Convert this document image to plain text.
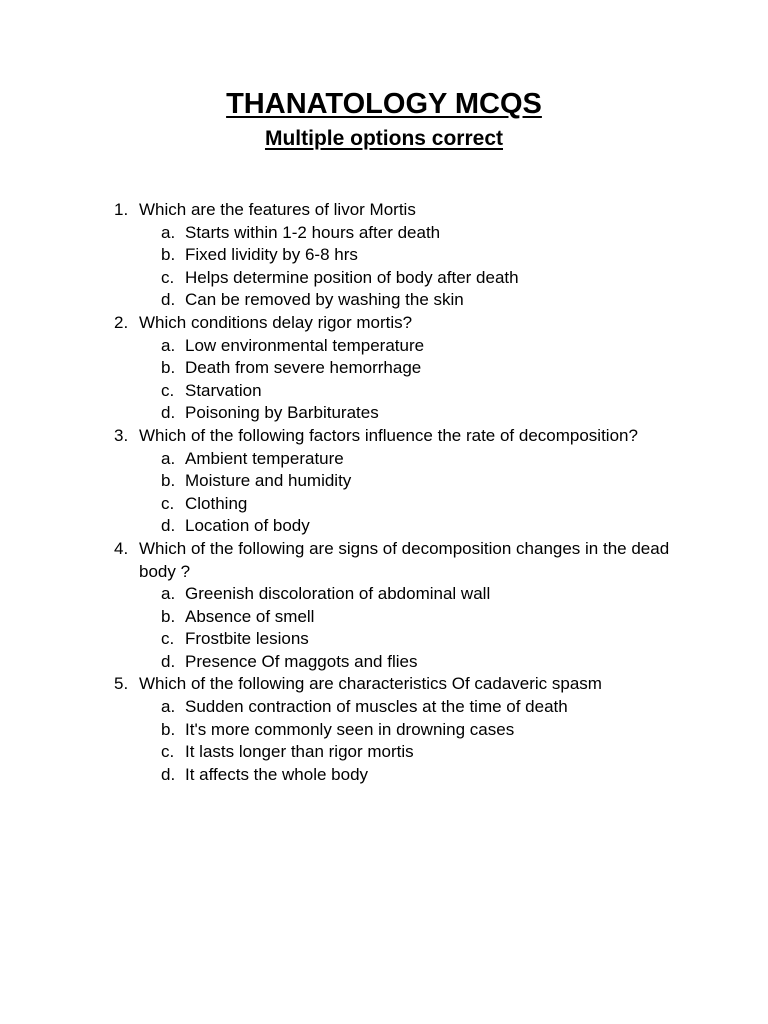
THANATOLOGY MCQS
Multiple options correct
1. Which are the features of livor Mortis
a. Starts within 1-2 hours after death
b. Fixed lividity by 6-8 hrs
c. Helps determine position of body after death
d. Can be removed by washing the skin
2. Which conditions delay rigor mortis?
a. Low environmental temperature
b. Death from severe hemorrhage
c. Starvation
d. Poisoning by Barbiturates
3. Which of the following factors influence the rate of decomposition?
a. Ambient temperature
b. Moisture and humidity
c. Clothing
d. Location of body
4. Which of the following are signs of decomposition changes in the dead body ?
a. Greenish discoloration of abdominal wall
b. Absence of smell
c. Frostbite lesions
d. Presence Of maggots and flies
5. Which of the following are characteristics Of cadaveric spasm
a. Sudden contraction of muscles at the time of death
b. It's more commonly seen in drowning cases
c. It lasts longer than rigor mortis
d. It affects the whole body
